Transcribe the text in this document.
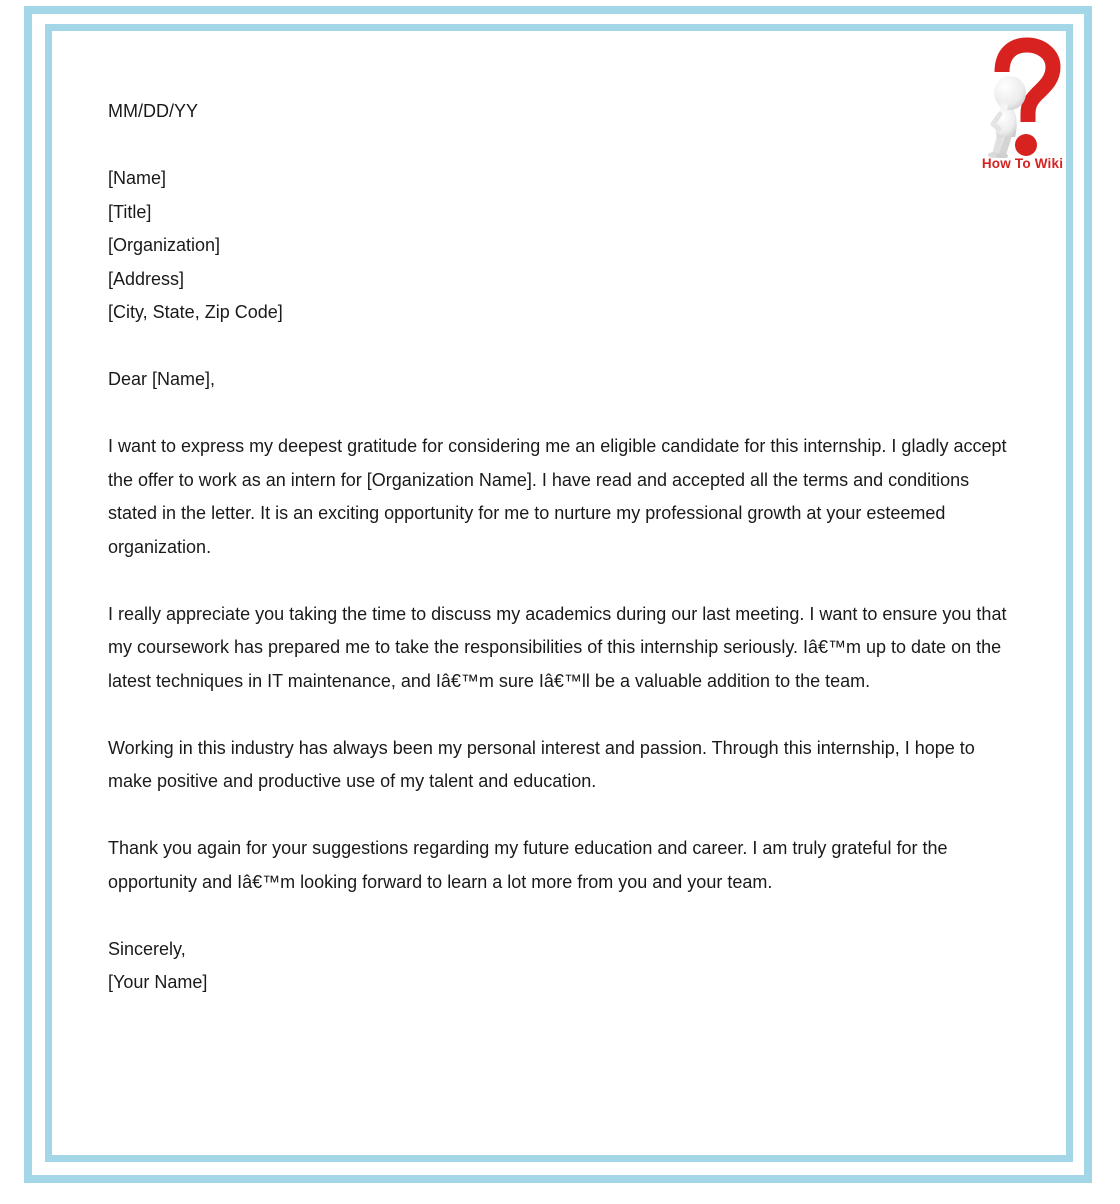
How To Wiki

MM/DD/YY

[Name]
[Title]
[Organization]
[Address]
[City, State, Zip Code]

Dear [Name],

I want to express my deepest gratitude for considering me an eligible candidate for this internship. I gladly accept the offer to work as an intern for [Organization Name]. I have read and accepted all the terms and conditions stated in the letter. It is an exciting opportunity for me to nurture my professional growth at your esteemed organization.

I really appreciate you taking the time to discuss my academics during our last meeting. I want to ensure you that my coursework has prepared me to take the responsibilities of this internship seriously. Iâ€™m up to date on the latest techniques in IT maintenance, and Iâ€™m sure Iâ€™ll be a valuable addition to the team.

Working in this industry has always been my personal interest and passion. Through this internship, I hope to make positive and productive use of my talent and education.

Thank you again for your suggestions regarding my future education and career. I am truly grateful for the opportunity and Iâ€™m looking forward to learn a lot more from you and your team.

Sincerely,
[Your Name]
